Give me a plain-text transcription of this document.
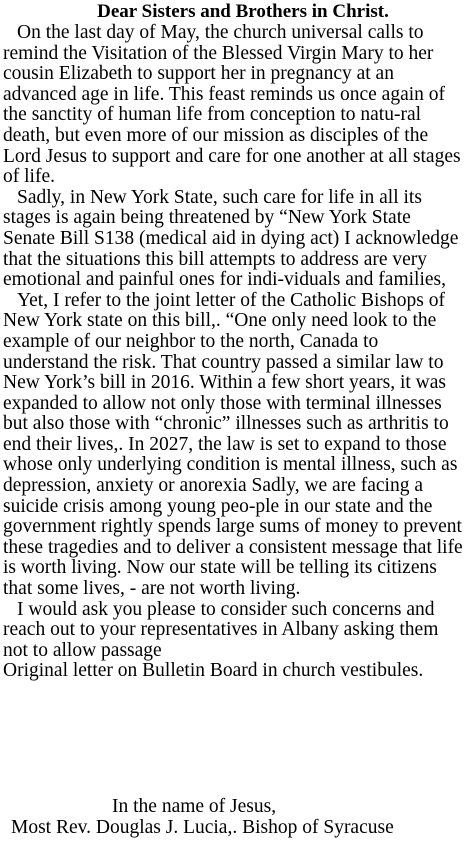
Dear Sisters and Brothers in Christ.

On the last day of May, the church universal calls to remind the Visitation of the Blessed Virgin Mary to her cousin Elizabeth to support her in pregnancy at an advanced age in life. This feast reminds us once again of the sanctity of human life from conception to natu-ral death, but even more of our mission as disciples of the Lord Jesus to support and care for one another at all stages of life.

Sadly, in New York State, such care for life in all its stages is again being threatened by “New York State Senate Bill S138 (medical aid in dying act) I acknowledge that the situations this bill attempts to address are very emotional and painful ones for indi-viduals and families,

Yet, I refer to the joint letter of the Catholic Bishops of New York state on this bill,. “One only need look to the example of our neighbor to the north, Canada to understand the risk. That country passed a similar law to New York’s bill in 2016. Within a few short years, it was expanded to allow not only those with terminal illnesses but also those with “chronic” illnesses such as arthritis to end their lives,. In 2027, the law is set to expand to those whose only underlying condition is mental illness, such as depression, anxiety or anorexia Sadly, we are facing a suicide crisis among young peo-ple in our state and the government rightly spends large sums of money to prevent these tragedies and to deliver a consistent message that life is worth living. Now our state will be telling its citizens that some lives, - are not worth living.

I would ask you please to consider such concerns and reach out to your representatives in Albany asking them not to allow passage

Original letter on Bulletin Board in church vestibules.

In the name of Jesus,
Most Rev. Douglas J. Lucia,. Bishop of Syracuse
